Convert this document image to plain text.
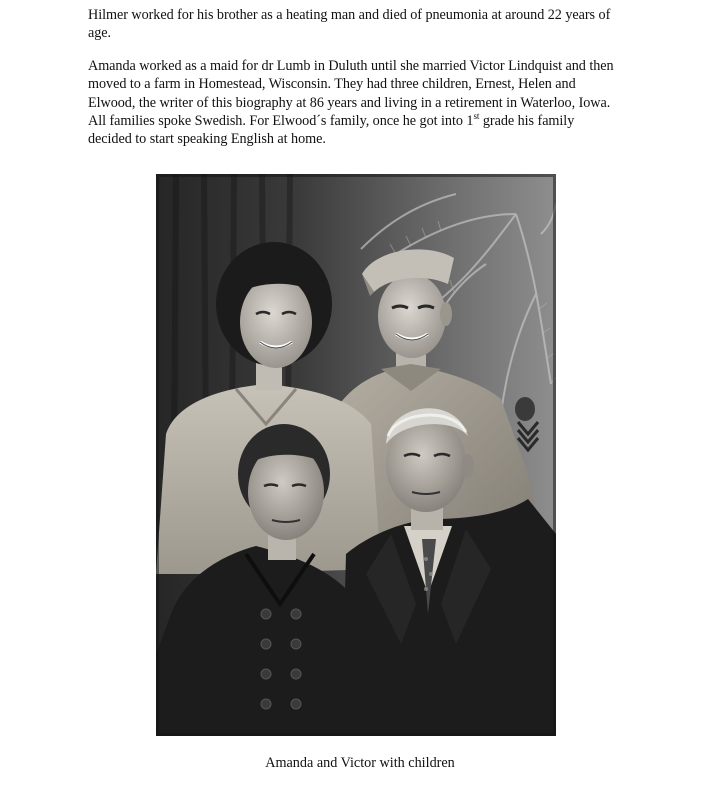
Hilmer worked for his brother as a heating man and died of pneumonia at around 22 years of
age.

Amanda worked as a maid for dr Lumb in Duluth until she married Victor Lindquist and then
moved to a farm in Homestead, Wisconsin. They had three children, Ernest, Helen and
Elwood, the writer of this biography at 86 years and living in a retirement in Waterloo, Iowa.
All families spoke Swedish. For Elwood´s family, once he got into 1st grade his family
decided to start speaking English at home.

Amanda and Victor with children
